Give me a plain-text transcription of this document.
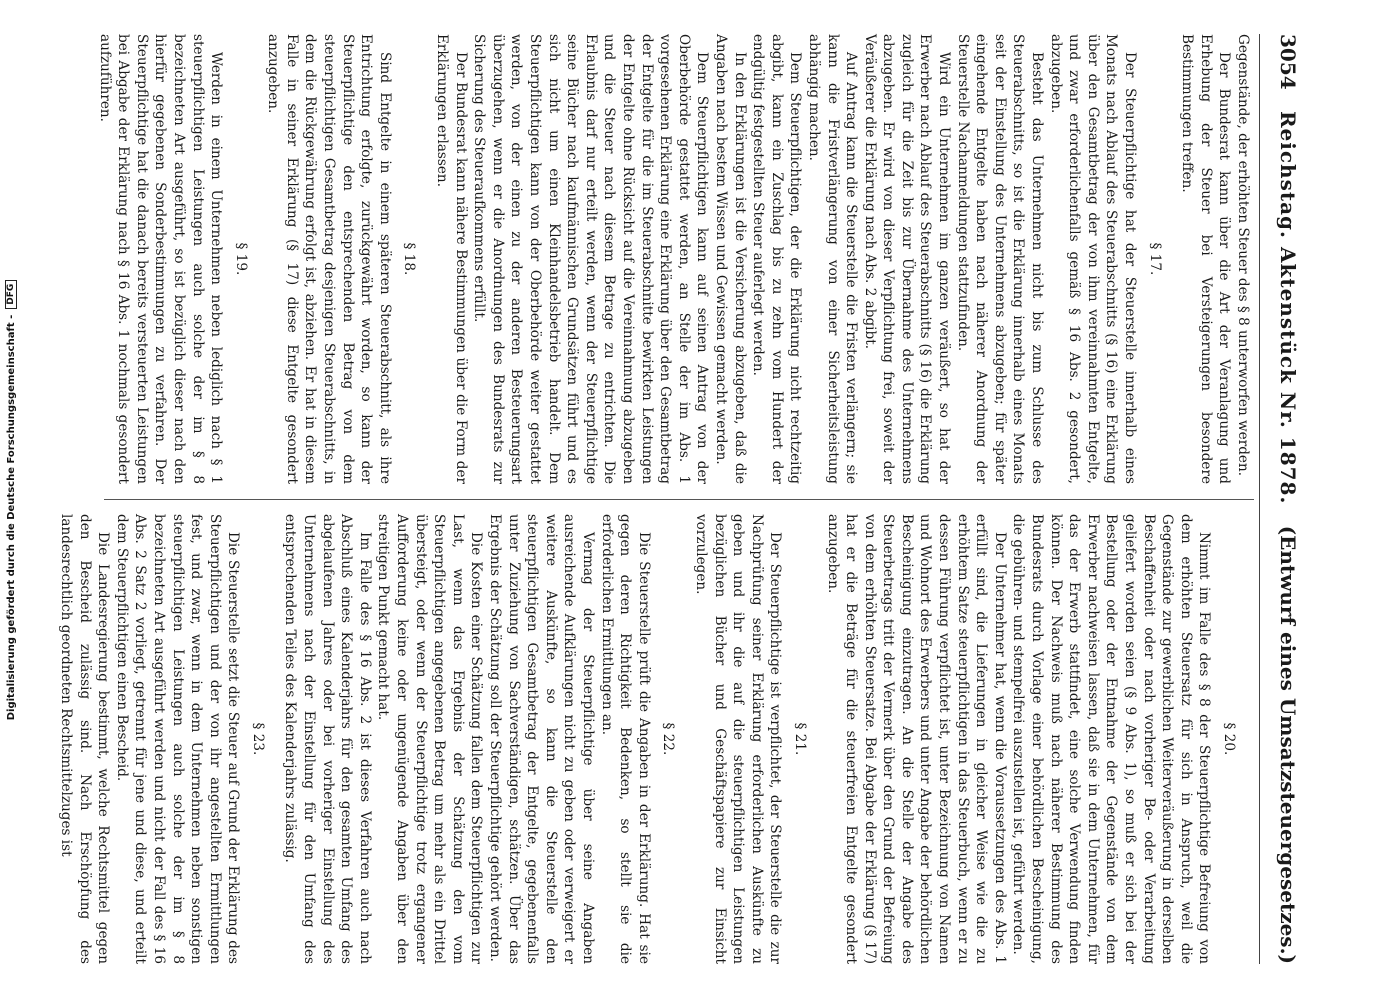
3054
Reichstag. Aktenstück Nr. 1878.
(Entwurf eines Umsatzsteuergesetzes.)

Gegenstände, der erhöhten Steuer des § 8 unterworfen werden.

Der Bundesrat kann über die Art der Veranlagung und Erhebung der Steuer bei Versteigerungen besondere Bestimmungen treffen.

§ 17.

Der Steuerpflichtige hat der Steuerstelle innerhalb eines Monats nach Ablauf des Steuerabschnitts (§ 16) eine Erklärung über den Gesamtbetrag der von ihm vereinnahmten Entgelte, und zwar erforderlichenfalls gemäß § 16 Abs. 2 gesondert, abzugeben.

Besteht das Unternehmen nicht bis zum Schlusse des Steuerabschnitts, so ist die Erklärung innerhalb eines Monats seit der Einstellung des Unternehmens abzugeben; für später eingehende Entgelte haben nach näherer Anordnung der Steuerstelle Nachanmeldungen stattzufinden.

Wird ein Unternehmen im ganzen veräußert, so hat der Erwerber nach Ablauf des Steuerabschnitts (§ 16) die Erklärung zugleich für die Zeit bis zur Übernahme des Unternehmens abzugeben. Er wird von dieser Verpflichtung frei, soweit der Veräußerer die Erklärung nach Abs. 2 abgibt.

Auf Antrag kann die Steuerstelle die Fristen verlängern; sie kann die Fristverlängerung von einer Sicherheitsleistung abhängig machen.

Dem Steuerpflichtigen, der die Erklärung nicht rechtzeitig abgibt, kann ein Zuschlag bis zu zehn vom Hundert der endgültig festgestellten Steuer auferlegt werden.

In den Erklärungen ist die Versicherung abzugeben, daß die Angaben nach bestem Wissen und Gewissen gemacht werden.

Dem Steuerpflichtigen kann auf seinen Antrag von der Oberbehörde gestattet werden, an Stelle der im Abs. 1 vorgesehenen Erklärung eine Erklärung über den Gesamtbetrag der Entgelte für die im Steuerabschnitte bewirkten Leistungen der Entgelte ohne Rücksicht auf die Vereinnahmung abzugeben und die Steuer nach diesem Betrage zu entrichten. Die Erlaubnis darf nur erteilt werden, wenn der Steuerpflichtige seine Bücher nach kaufmännischen Grundsätzen führt und es sich nicht um einen Kleinhandelsbetrieb handelt. Dem Steuerpflichtigen kann von der Oberbehörde weiter gestattet werden, von der einen zu der anderen Besteuerungsart überzugehen, wenn er die Anordnungen des Bundesrats zur Sicherung des Steueraufkommens erfüllt.

Der Bundesrat kann nähere Bestimmungen über die Form der Erklärungen erlassen.

§ 18.

Sind Entgelte in einem späteren Steuerabschnitt, als ihre Entrichtung erfolgte, zurückgewährt worden, so kann der Steuerpflichtige den entsprechenden Betrag von dem steuerpflichtigen Gesamtbetrag desjenigen Steuerabschnitts, in dem die Rückgewährung erfolgt ist, abziehen. Er hat in diesem Falle in seiner Erklärung (§ 17) diese Entgelte gesondert anzugeben.

§ 19.

Werden in einem Unternehmen neben lediglich nach § 1 steuerpflichtigen Leistungen auch solche der im § 8 bezeichneten Art ausgeführt, so ist bezüglich dieser nach den hierfür gegebenen Sonderbestimmungen zu verfahren. Der Steuerpflichtige hat die danach bereits versteuerten Leistungen bei Abgabe der Erklärung nach § 16 Abs. 1 nochmals gesondert aufzuführen.

§ 20.

Nimmt im Falle des § 8 der Steuerpflichtige Befreiung von dem erhöhten Steuersatz für sich in Anspruch, weil die Gegenstände zur gewerblichen Weiterveräußerung in derselben Beschaffenheit oder nach vorheriger Be- oder Verarbeitung geliefert worden seien (§ 9 Abs. 1), so muß er sich bei der Bestellung oder der Entnahme der Gegenstände von dem Erwerber nachweisen lassen, daß sie in dem Unternehmen, für das der Erwerb stattfindet, eine solche Verwendung finden können. Der Nachweis muß nach näherer Bestimmung des Bundesrats durch Vorlage einer behördlichen Bescheinigung, die gebühren- und stempelfrei auszustellen ist, geführt werden.

Der Unternehmer hat, wenn die Voraussetzungen des Abs. 1 erfüllt sind, die Lieferungen in gleicher Weise wie die zu erhöhtem Satze steuerpflichtigen in das Steuerbuch, wenn er zu dessen Führung verpflichtet ist, unter Bezeichnung von Namen und Wohnort des Erwerbers und unter Angabe der behördlichen Bescheinigung einzutragen. An die Stelle der Angabe des Steuerbetrags tritt der Vermerk über den Grund der Befreiung von dem erhöhten Steuersatze. Bei Abgabe der Erklärung (§ 17) hat er die Beträge für die steuerfreien Entgelte gesondert anzugeben.

§ 21.

Der Steuerpflichtige ist verpflichtet, der Steuerstelle die zur Nachprüfung seiner Erklärung erforderlichen Auskünfte zu geben und ihr die auf die steuerpflichtigen Leistungen bezüglichen Bücher und Geschäftspapiere zur Einsicht vorzulegen.

§ 22.

Die Steuerstelle prüft die Angaben in der Erklärung. Hat sie gegen deren Richtigkeit Bedenken, so stellt sie die erforderlichen Ermittlungen an.

Vermag der Steuerpflichtige über seine Angaben ausreichende Aufklärungen nicht zu geben oder verweigert er weitere Auskünfte, so kann die Steuerstelle den steuerpflichtigen Gesamtbetrag der Entgelte, gegebenenfalls unter Zuziehung von Sachverständigen, schätzen. Über das Ergebnis der Schätzung soll der Steuerpflichtige gehört werden.

Die Kosten einer Schätzung fallen dem Steuerpflichtigen zur Last, wenn das Ergebnis der Schätzung den vom Steuerpflichtigen angegebenen Betrag um mehr als ein Drittel übersteigt, oder wenn der Steuerpflichtige trotz ergangener Aufforderung keine oder ungenügende Angaben über den streitigen Punkt gemacht hat.

Im Falle des § 16 Abs. 2 ist dieses Verfahren auch nach Abschluß eines Kalenderjahrs für den gesamten Umfang des abgelaufenen Jahres oder bei vorheriger Einstellung des Unternehmens nach der Einstellung für den Umfang des entsprechenden Teiles des Kalenderjahrs zulässig.

§ 23.

Die Steuerstelle setzt die Steuer auf Grund der Erklärung des Steuerpflichtigen und der von ihr angestellten Ermittlungen fest, und zwar, wenn in dem Unternehmen neben sonstigen steuerpflichtigen Leistungen auch solche der im § 8 bezeichneten Art ausgeführt werden und nicht der Fall des § 16 Abs. 2 Satz 2 vorliegt, getrennt für jene und diese, und erteilt dem Steuerpflichtigen einen Bescheid.

Die Landesregierung bestimmt, welche Rechtsmittel gegen den Bescheid zulässig sind. Nach Erschöpfung des landesrechtlich geordneten Rechtsmittelzuges ist

Digitalisierung gefördert durch die Deutsche Forschungsgemeinschaft -
DFG
